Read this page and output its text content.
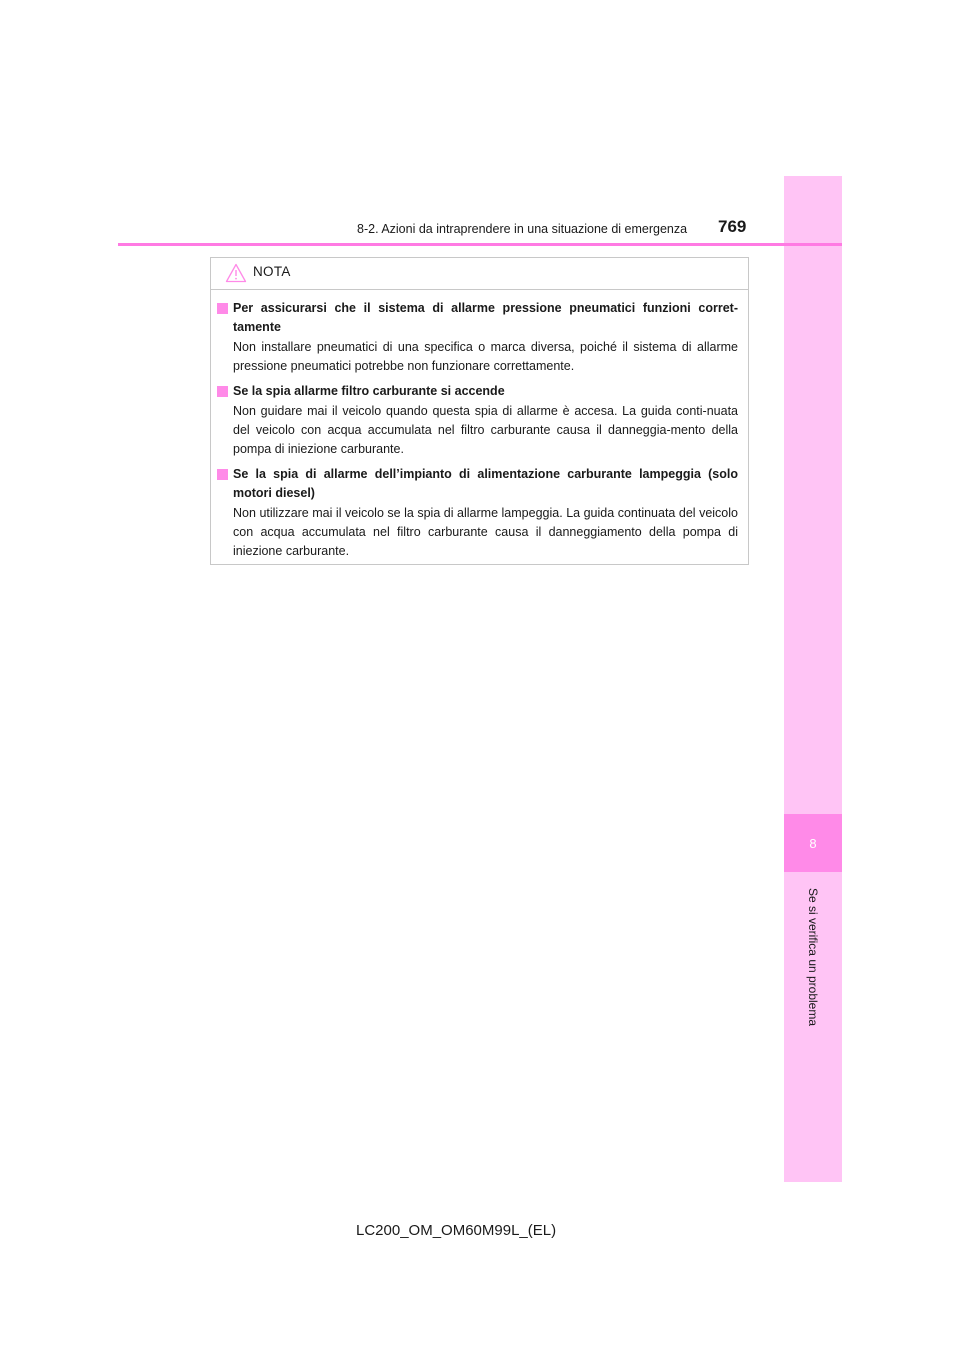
8
Se si verifica un problema
8-2. Azioni da intraprendere in una situazione di emergenza 769
NOTA
Per assicurarsi che il sistema di allarme pressione pneumatici funzioni corret-tamente
Non installare pneumatici di una specifica o marca diversa, poiché il sistema di allarme pressione pneumatici potrebbe non funzionare correttamente.
Se la spia allarme filtro carburante si accende
Non guidare mai il veicolo quando questa spia di allarme è accesa. La guida conti-nuata del veicolo con acqua accumulata nel filtro carburante causa il danneggia-mento della pompa di iniezione carburante.
Se la spia di allarme dell’impianto di alimentazione carburante lampeggia (solo motori diesel)
Non utilizzare mai il veicolo se la spia di allarme lampeggia. La guida continuata del veicolo con acqua accumulata nel filtro carburante causa il danneggiamento della pompa di iniezione carburante.
LC200_OM_OM60M99L_(EL)
